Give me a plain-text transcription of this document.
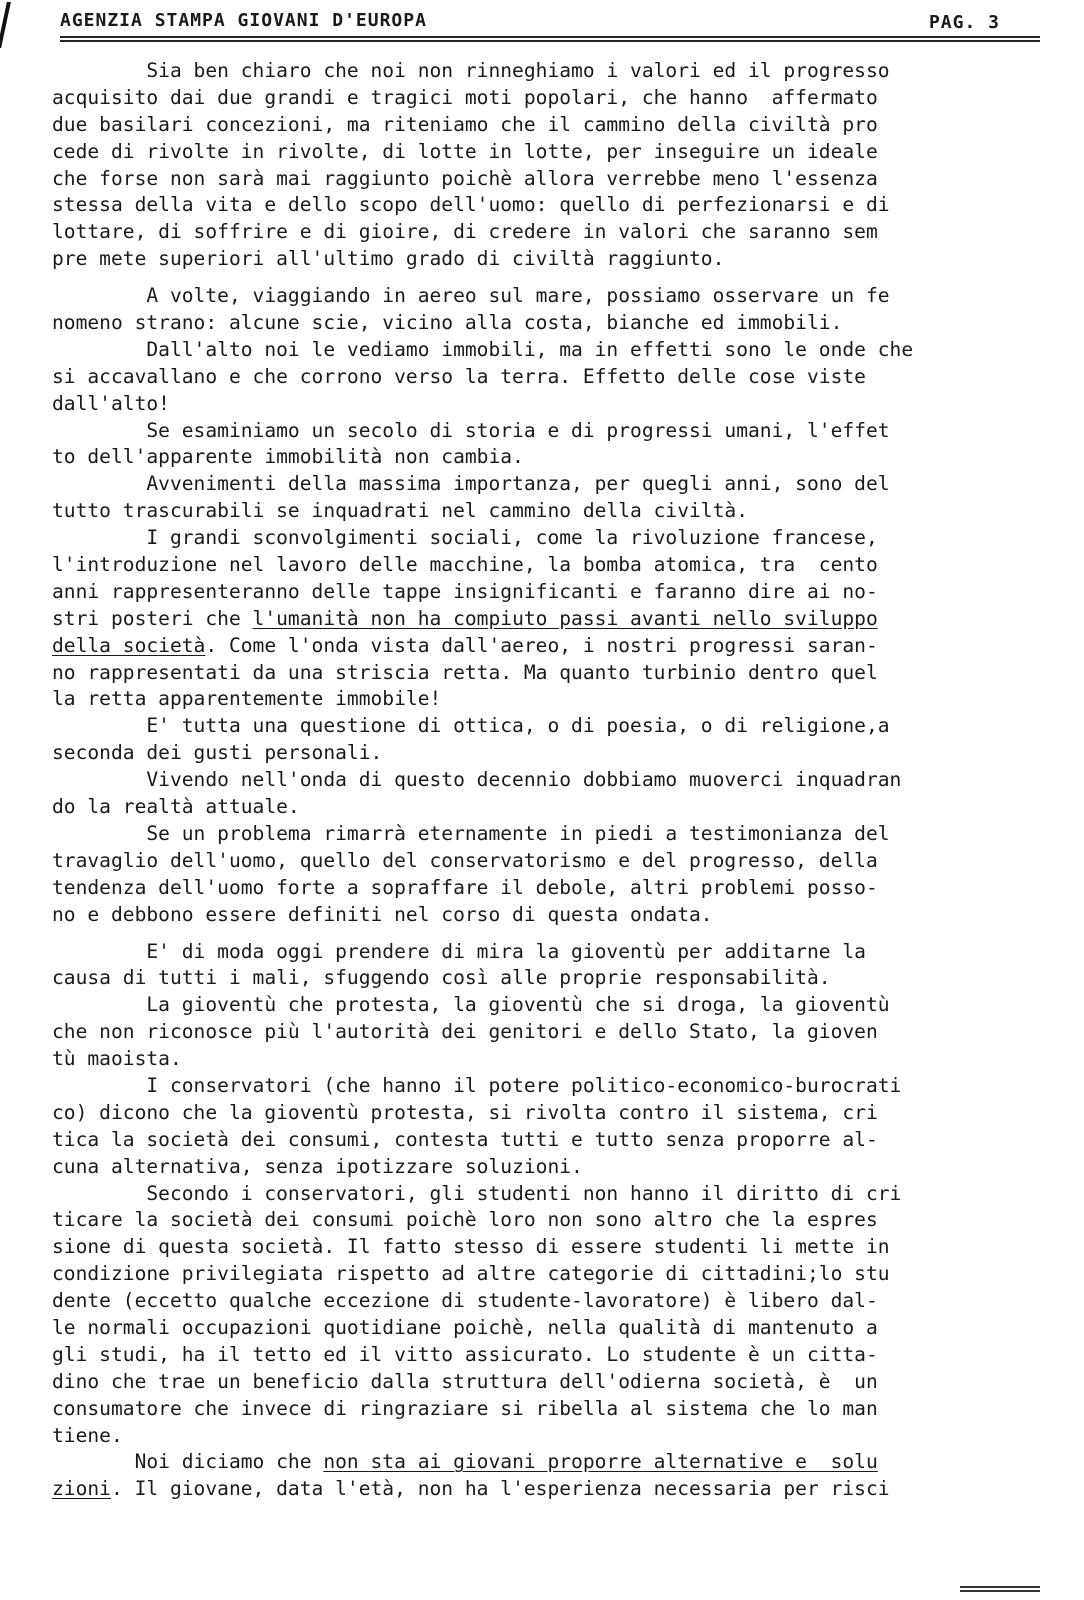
AGENZIA STAMPA GIOVANI D'EUROPA	PAG. 3
Sia ben chiaro che noi non rinneghiamo i valori ed il progresso
acquisito dai due grandi e tragici moti popolari, che hanno  affermato
due basilari concezioni, ma riteniamo che il cammino della civiltà pro
cede di rivolte in rivolte, di lotte in lotte, per inseguire un ideale
che forse non sarà mai raggiunto poichè allora verrebbe meno l'essenza
stessa della vita e dello scopo dell'uomo: quello di perfezionarsi e di
lottare, di soffrire e di gioire, di credere in valori che saranno sem
pre mete superiori all'ultimo grado di civiltà raggiunto.
A volte, viaggiando in aereo sul mare, possiamo osservare un fe
nomeno strano: alcune scie, vicino alla costa, bianche ed immobili.
Dall'alto noi le vediamo immobili, ma in effetti sono le onde che
si accavallano e che corrono verso la terra. Effetto delle cose viste
dall'alto!
Se esaminiamo un secolo di storia e di progressi umani, l'effet
to dell'apparente immobilità non cambia.
Avvenimenti della massima importanza, per quegli anni, sono del
tutto trascurabili se inquadrati nel cammino della civiltà.
I grandi sconvolgimenti sociali, come la rivoluzione francese,
l'introduzione nel lavoro delle macchine, la bomba atomica, tra  cento
anni rappresenteranno delle tappe insignificanti e faranno dire ai no-
stri posteri che l'umanità non ha compiuto passi avanti nello sviluppo
della società. Come l'onda vista dall'aereo, i nostri progressi saran-
no rappresentati da una striscia retta. Ma quanto turbinio dentro quel
la retta apparentemente immobile!
E' tutta una questione di ottica, o di poesia, o di religione,a
seconda dei gusti personali.
Vivendo nell'onda di questo decennio dobbiamo muoverci inquadran
do la realtà attuale.
Se un problema rimarrà eternamente in piedi a testimonianza del
travaglio dell'uomo, quello del conservatorismo e del progresso, della
tendenza dell'uomo forte a sopraffare il debole, altri problemi posso-
no e debbono essere definiti nel corso di questa ondata.
E' di moda oggi prendere di mira la gioventù per additarne la
causa di tutti i mali, sfuggendo così alle proprie responsabilità.
La gioventù che protesta, la gioventù che si droga, la gioventù
che non riconosce più l'autorità dei genitori e dello Stato, la gioven
tù maoista.
I conservatori (che hanno il potere politico-economico-burocrati
co) dicono che la gioventù protesta, si rivolta contro il sistema, cri
tica la società dei consumi, contesta tutti e tutto senza proporre al-
cuna alternativa, senza ipotizzare soluzioni.
Secondo i conservatori, gli studenti non hanno il diritto di cri
ticare la società dei consumi poichè loro non sono altro che la espres
sione di questa società. Il fatto stesso di essere studenti li mette in
condizione privilegiata rispetto ad altre categorie di cittadini;lo stu
dente (eccetto qualche eccezione di studente-lavoratore) è libero dal-
le normali occupazioni quotidiane poichè, nella qualità di mantenuto a
gli studi, ha il tetto ed il vitto assicurato. Lo studente è un citta-
dino che trae un beneficio dalla struttura dell'odierna società, è  un
consumatore che invece di ringraziare si ribella al sistema che lo man
tiene.
Noi diciamo che non sta ai giovani proporre alternative e  solu
zioni. Il giovane, data l'età, non ha l'esperienza necessaria per risci
